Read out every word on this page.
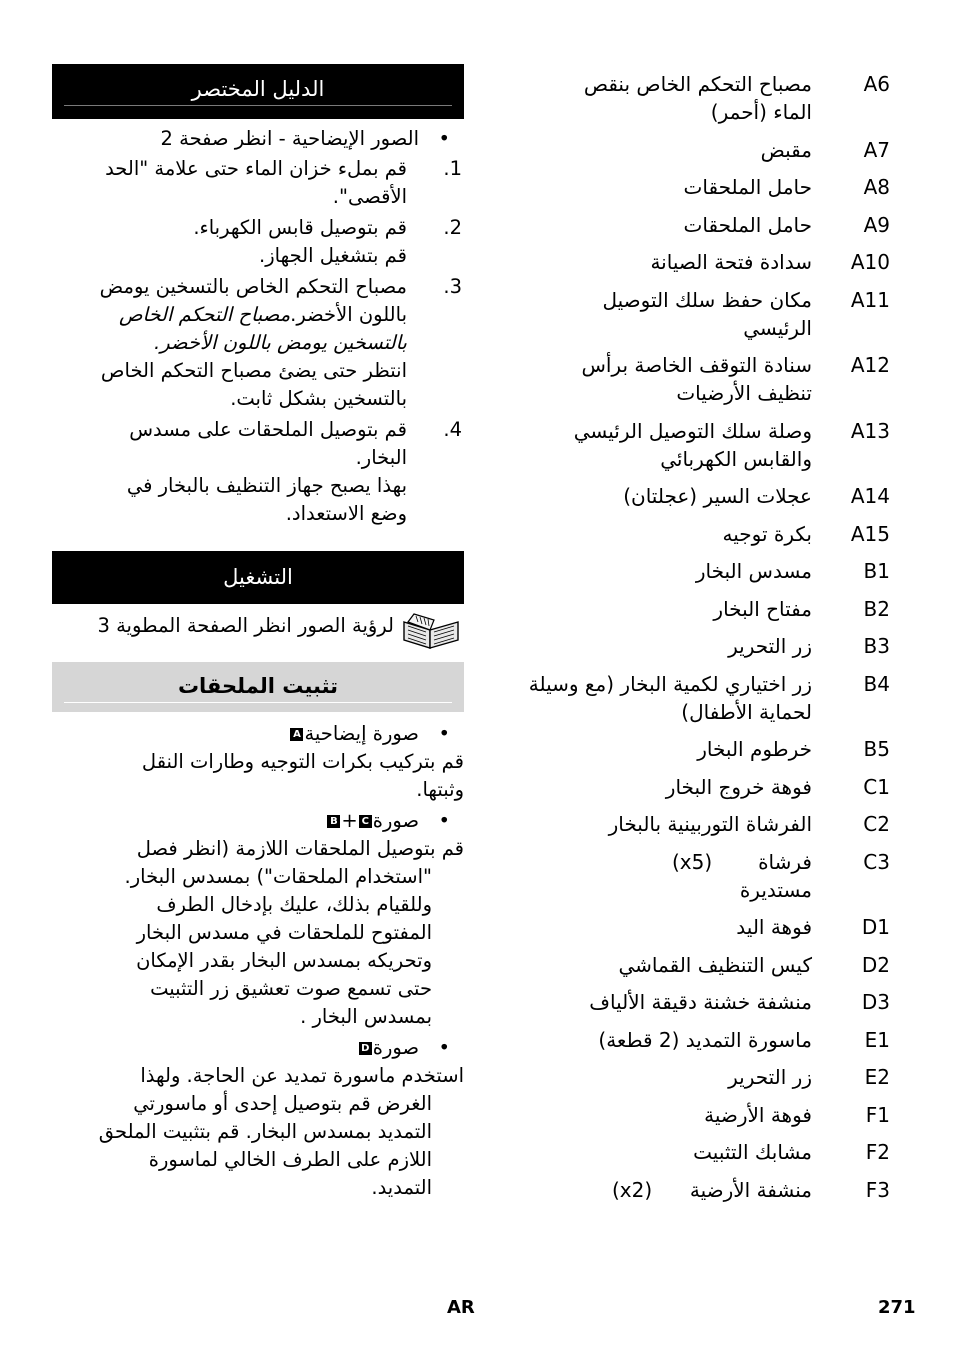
الدليل المختصر
•
الصور الإيضاحية - انظر صفحة 2
.1
قم بملء خزان الماء حتى علامة "الحد
الأقصى".
.2
قم بتوصيل قابس الكهرباء.
قم بتشغيل الجهاز.
.3
مصباح التحكم الخاص بالتسخين يومض
باللون الأخضر.مصباح التحكم الخاص
بالتسخين يومض باللون الأخضر.
انتظر حتى يضئ مصباح التحكم الخاص
بالتسخين بشكل ثابت.
.4
قم بتوصيل الملحقات على مسدس
البخار.
بهذا يصبح جهاز التنظيف بالبخار في
وضع الاستعداد.
التشغيل
لرؤية الصور انظر الصفحة المطوية 3
تثبيت الملحقات
•
صورة إيضاحيةA
قم بتركيب بكرات التوجيه وطارات النقل
وثبتها.
•
صورةC+B
قم بتوصيل الملحقات اللازمة (انظر فصل
"استخدام الملحقات") بمسدس البخار.
وللقيام بذلك، عليك بإدخال الطرف
المفتوح للملحقات في مسدس البخار
وتحريكه بمسدس البخار بقدر الإمكان
حتى تسمع صوت تعشيق زر التثبيت
بمسدس البخار .
•
صورةD
استخدم ماسورة تمديد عن الحاجة. ولهذا
الغرض قم بتوصيل إحدى أو ماسورتي
التمديد بمسدس البخار. قم بتثبيت الملحق
اللازم على الطرف الخالي لماسورة
التمديد.
A6
مصباح التحكم الخاص بنقص
الماء (أحمر)
A7
مقبض
A8
حامل الملحقات
A9
حامل الملحقات
A10
سدادة فتحة الصيانة
A11
مكان حفظ سلك التوصيل
الرئيسي
A12
سنادة التوقف الخاصة برأس
تنظيف الأرضيات
A13
وصلة سلك التوصيل الرئيسي
والقابس الكهربائي
A14
عجلات السير (عجلتان)
A15
بكرة توجيه
B1
مسدس البخار
B2
مفتاح البخار
B3
زر التحرير
B4
زر اختياري لكمية البخار (مع وسيلة
لحماية الأطفال)
B5
خرطوم البخار
C1
فوهة خروج البخار
C2
الفرشاة التوربينية بالبخار
C3
فرشاة
مستديرة
(x5)
D1
فوهة اليد
D2
كيس التنظيف القماشي
D3
منشفة خشنة دقيقة الألياف
E1
ماسورة التمديد (2 قطعة)
E2
زر التحرير
F1
فوهة الأرضية
F2
مشابك التثبيت
F3
منشفة الأرضية
(x2)
AR	271
